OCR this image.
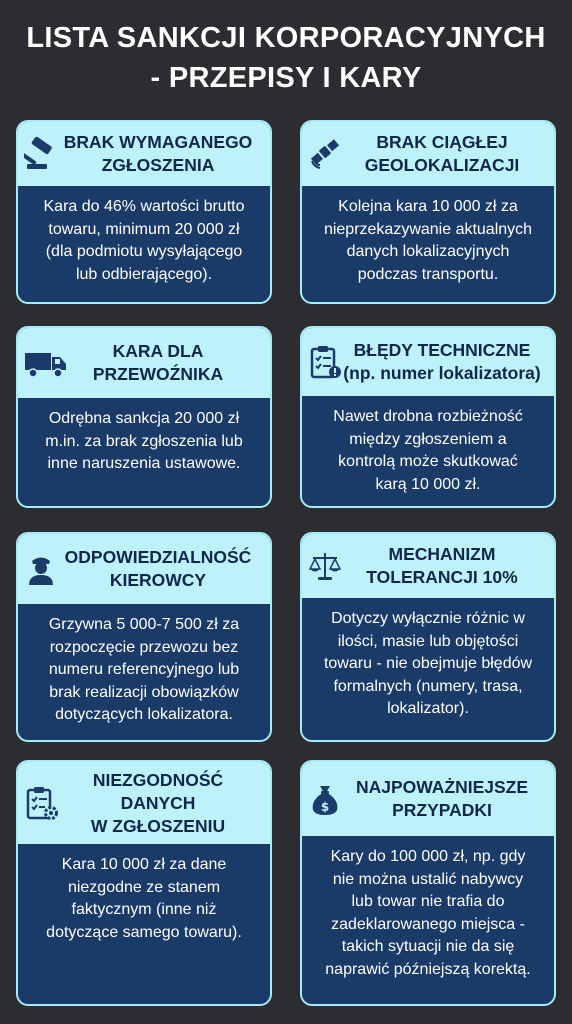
LISTA SANKCJI KORPORACYJNYCH
- PRZEPISY I KARY
BRAK WYMAGANEGO
ZGŁOSZENIA
Kara do 46% wartości brutto
towaru, minimum 20 000 zł
(dla podmiotu wysyłającego
lub odbierającego).
BRAK CIĄGŁEJ
GEOLOKALIZACJI
Kolejna kara 10 000 zł za
nieprzekazywanie aktualnych
danych lokalizacyjnych
podczas transportu.
KARA DLA
PRZEWOŹNIKA
Odrębna sankcja 20 000 zł
m.in. za brak zgłoszenia lub
inne naruszenia ustawowe.
BŁĘDY TECHNICZNE
(np. numer lokalizatora)
Nawet drobna rozbieżność
między zgłoszeniem a
kontrolą może skutkować
karą 10 000 zł.
ODPOWIEDZIALNOŚĆ
KIEROWCY
Grzywna 5 000-7 500 zł za
rozpoczęcie przewozu bez
numeru referencyjnego lub
brak realizacji obowiązków
dotyczących lokalizatora.
MECHANIZM
TOLERANCJI 10%
Dotyczy wyłącznie różnic w
ilości, masie lub objętości
towaru - nie obejmuje błędów
formalnych (numery, trasa,
lokalizator).
NIEZGODNOŚĆ
DANYCH
W ZGŁOSZENIU
Kara 10 000 zł za dane
niezgodne ze stanem
faktycznym (inne niż
dotyczące samego towaru).
$
NAJPOWAŻNIEJSZE
PRZYPADKI
Kary do 100 000 zł, np. gdy
nie można ustalić nabywcy
lub towar nie trafia do
zadeklarowanego miejsca -
takich sytuacji nie da się
naprawić późniejszą korektą.
